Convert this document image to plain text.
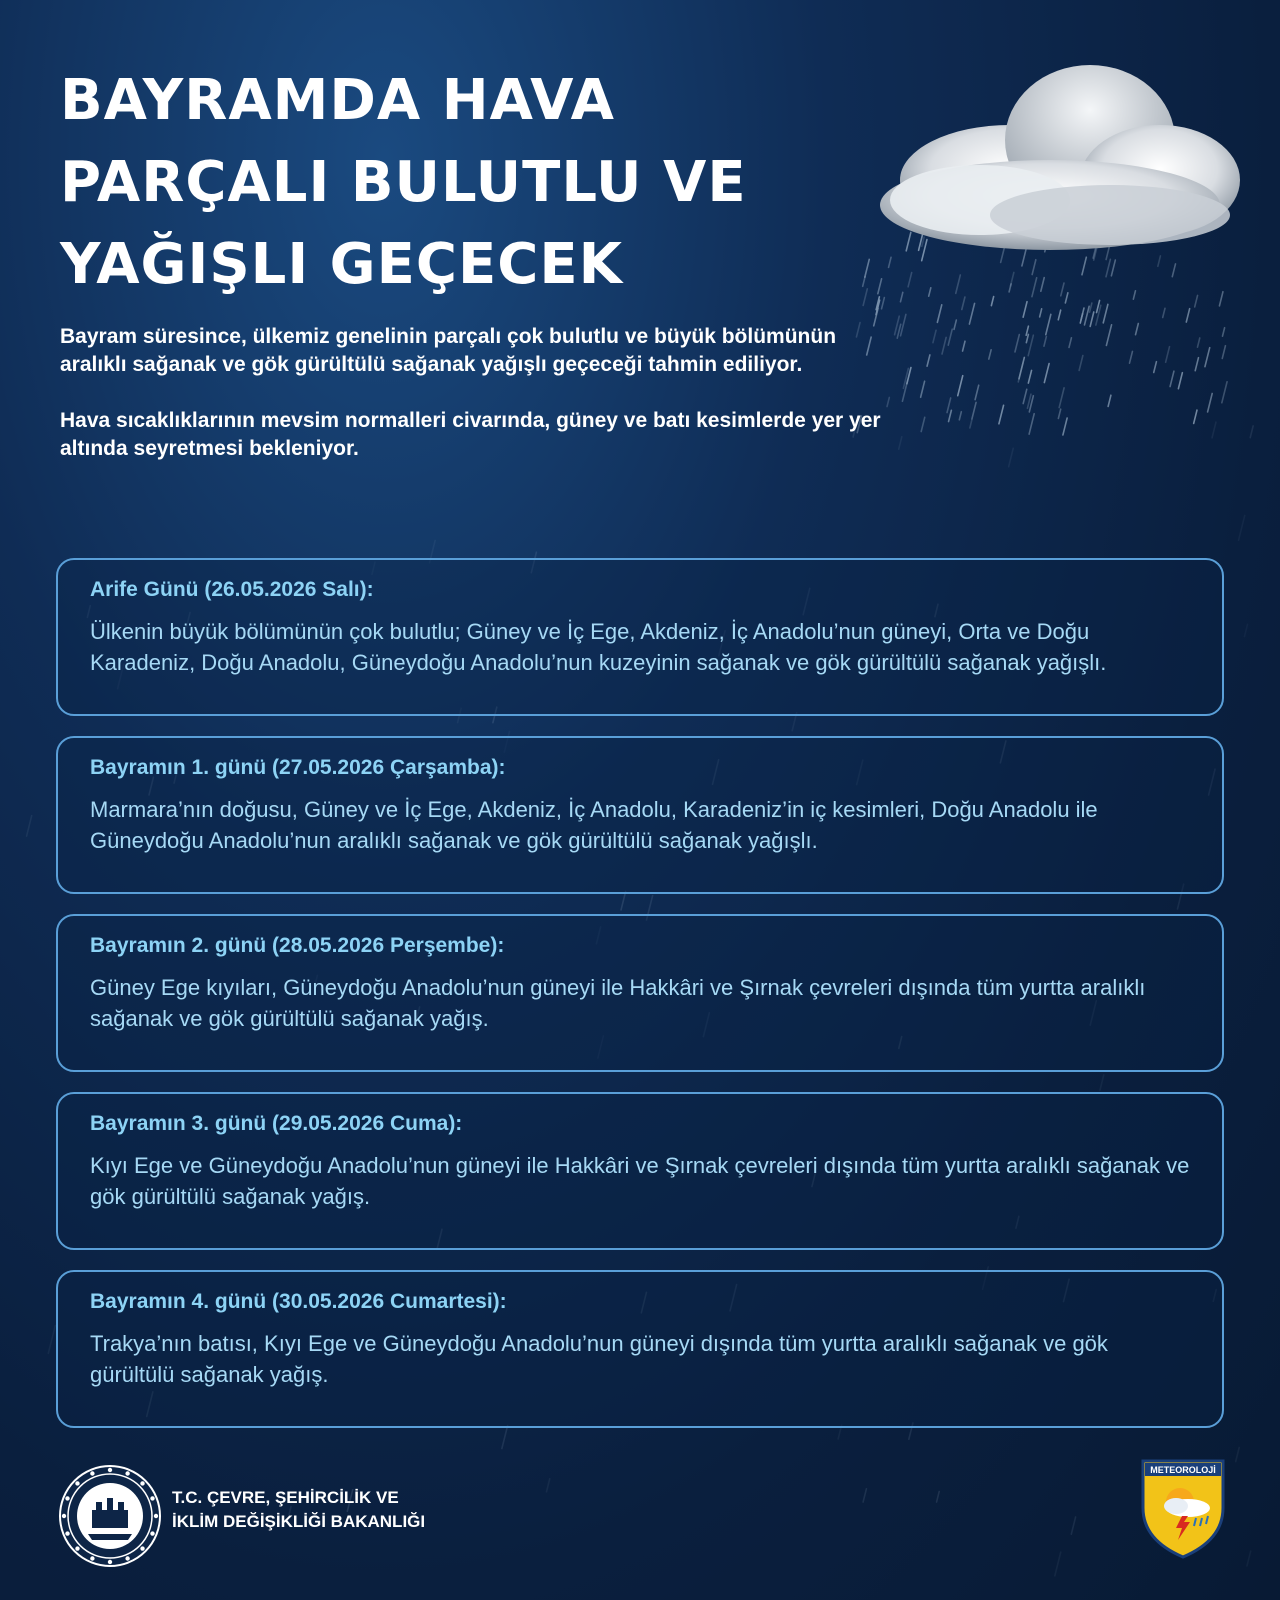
BAYRAMDA HAVA
PARÇALI BULUTLU VE
YAĞIŞLI GEÇECEK

Bayram süresince, ülkemiz genelinin parçalı çok bulutlu ve büyük bölümünün aralıklı sağanak ve gök gürültülü sağanak yağışlı geçeceği tahmin ediliyor.

Hava sıcaklıklarının mevsim normalleri civarında, güney ve batı kesimlerde yer yer altında seyretmesi bekleniyor.

Arife Günü (26.05.2026 Salı):
Ülkenin büyük bölümünün çok bulutlu; Güney ve İç Ege, Akdeniz, İç Anadolu’nun güneyi, Orta ve Doğu Karadeniz, Doğu Anadolu, Güneydoğu Anadolu’nun kuzeyinin sağanak ve gök gürültülü sağanak yağışlı.
Bayramın 1. günü (27.05.2026 Çarşamba):
Marmara’nın doğusu, Güney ve İç Ege, Akdeniz, İç Anadolu, Karadeniz’in iç kesimleri, Doğu Anadolu ile Güneydoğu Anadolu’nun aralıklı sağanak ve gök gürültülü sağanak yağışlı.
Bayramın 2. günü (28.05.2026 Perşembe):
Güney Ege kıyıları, Güneydoğu Anadolu’nun güneyi ile Hakkâri ve Şırnak çevreleri dışında tüm yurtta aralıklı sağanak ve gök gürültülü sağanak yağış.
Bayramın 3. günü (29.05.2026 Cuma):
Kıyı Ege ve Güneydoğu Anadolu’nun güneyi ile Hakkâri ve Şırnak çevreleri dışında tüm yurtta aralıklı sağanak ve gök gürültülü sağanak yağış.
Bayramın 4. günü (30.05.2026 Cumartesi):
Trakya’nın batısı, Kıyı Ege ve Güneydoğu Anadolu’nun güneyi dışında tüm yurtta aralıklı sağanak ve gök gürültülü sağanak yağış.
T.C. ÇEVRE, ŞEHİRCİLİK VE
İKLİM DEĞİŞİKLİĞİ BAKANLIĞI
METEOROLOJİ
